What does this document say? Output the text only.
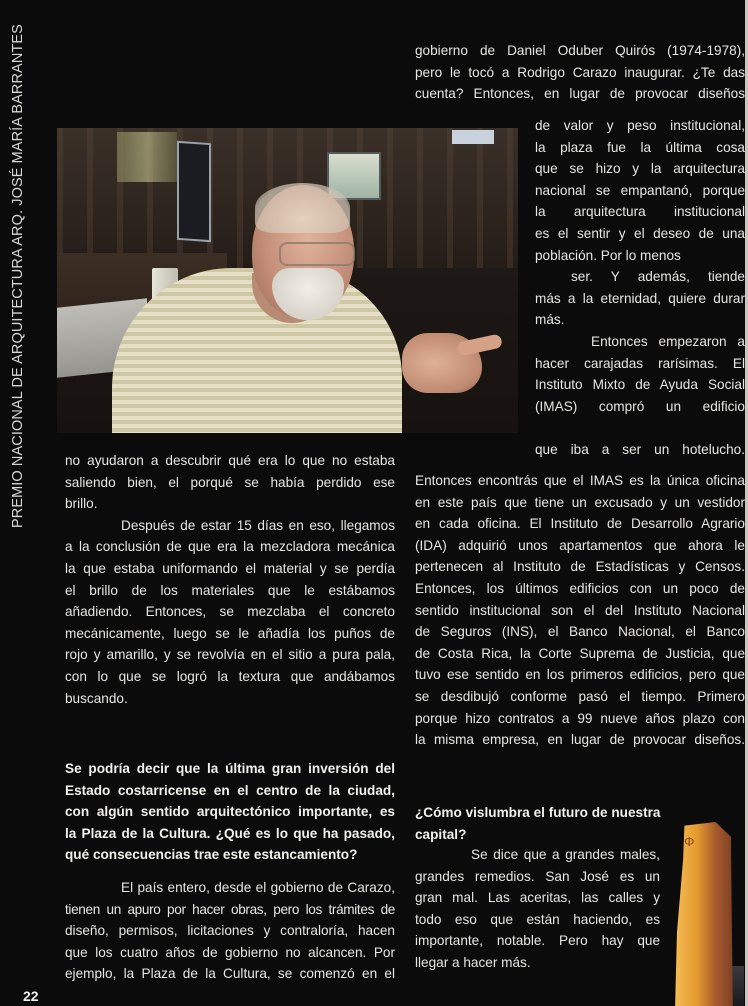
PREMIO NACIONAL DE ARQUITECTURA ARQ. JOSÉ MARÍA BARRANTES	gobierno de Daniel Oduber Quirós (1974-1978),
pero le tocó a Rodrigo Carazo inaugurar. ¿Te das
cuenta? Entonces, en lugar de provocar diseños
de valor y peso institucional,
la plaza fue la última cosa
que se hizo y la arquitectura
nacional se empantanó, porque
la arquitectura institucional
es el sentir y el deseo de una
población. Por lo menos
ser. Y además, tiende
más a la eternidad, quiere durar
más.
Entonces empezaron a
hacer carajadas rarísimas. El
Instituto Mixto de Ayuda Social
(IMAS) compró un edificio
que iba a ser un hotelucho.
Entonces encontrás que el IMAS es la única oficina
en este país que tiene un excusado y un vestidor
en cada oficina. El Instituto de Desarrollo Agrario
(IDA) adquirió unos apartamentos que ahora le
pertenecen al Instituto de Estadísticas y Censos.
Entonces, los últimos edificios con un poco de
sentido institucional son el del Instituto Nacional
de Seguros (INS), el Banco Nacional, el Banco
de Costa Rica, la Corte Suprema de Justicia, que
tuvo ese sentido en los primeros edificios, pero que
se desdibujó conforme pasó el tiempo. Primero
porque hizo contratos a 99 nueve años plazo con
la misma empresa, en lugar de provocar diseños.
¿Cómo vislumbra el futuro de nuestra
capital?
Se dice que a grandes males,
grandes remedios. San José es un
gran mal. Las aceritas, las calles y
todo eso que están haciendo, es
importante, notable. Pero hay que
llegar a hacer más.
no ayudaron a descubrir qué era lo que no estaba
saliendo bien, el porqué se había perdido ese
brillo.
Después de estar 15 días en eso, llegamos
a la conclusión de que era la mezcladora mecánica
la que estaba uniformando el material y se perdía
el brillo de los materiales que le estábamos
añadiendo. Entonces, se mezclaba el concreto
mecánicamente, luego se le añadía los puños de
rojo y amarillo, y se revolvía en el sitio a pura pala,
con lo que se logró la textura que andábamos
buscando.
Se podría decir que la última gran inversión del
Estado costarricense en el centro de la ciudad,
con algún sentido arquitectónico importante, es
la Plaza de la Cultura. ¿Qué es lo que ha pasado,
qué consecuencias trae este estancamiento?
El país entero, desde el gobierno de Carazo,
tienen un apuro por hacer obras, pero los trámites de
diseño, permisos, licitaciones y contraloría, hacen
que los cuatro años de gobierno no alcancen. Por
ejemplo, la Plaza de la Cultura, se comenzó en el
Φ
22
